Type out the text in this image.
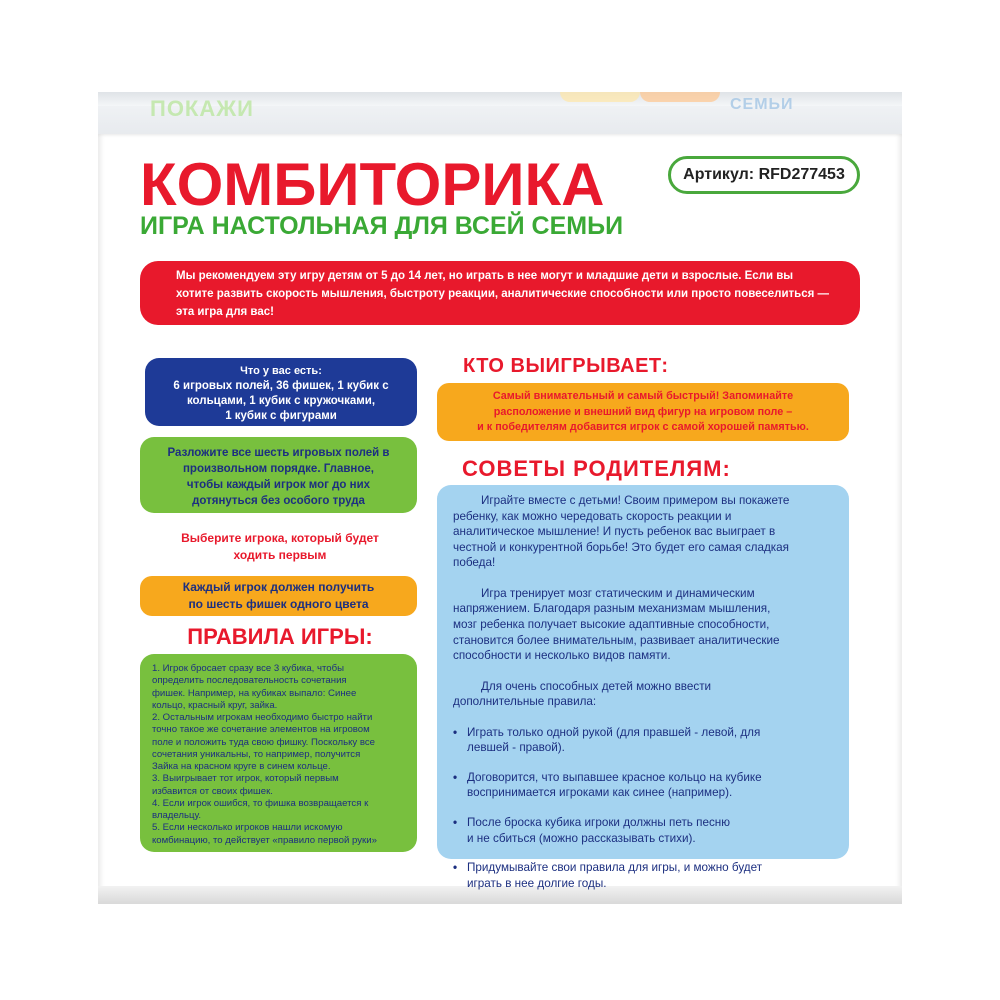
ПОКАЖИ	СЕМЬИ
КОМБИТОРИКА
ИГРА НАСТОЛЬНАЯ ДЛЯ ВСЕЙ СЕМЬИ
Артикул: RFD277453
Мы рекомендуем эту игру детям от 5 до 14 лет, но играть в нее могут и младшие дети и взрослые. Если вы
хотите развить скорость мышления, быстроту реакции, аналитические способности или просто повеселиться —
эта игра для вас!
Что у вас есть:
6 игровых полей, 36 фишек, 1 кубик с
кольцами, 1 кубик с кружочками,
1 кубик с фигурами
Разложите все шесть игровых полей в
произвольном порядке. Главное,
чтобы каждый игрок мог до них
дотянуться без особого труда
Выберите игрока, который будет
ходить первым
Каждый игрок должен получить
по шесть фишек одного цвета
ПРАВИЛА ИГРЫ:
1. Игрок бросает сразу все 3 кубика, чтобы
определить последовательность сочетания
фишек. Например, на кубиках выпало: Синее
кольцо, красный круг, зайка.
2. Остальным игрокам необходимо быстро найти
точно такое же сочетание элементов на игровом
поле и положить туда свою фишку. Поскольку все
сочетания уникальны, то например, получится
Зайка на красном круге в синем кольце.
3. Выигрывает тот игрок, который первым
избавится от своих фишек.
4. Если игрок ошибся, то фишка возвращается к
владельцу.
5. Если несколько игроков нашли искомую
комбинацию, то действует «правило первой руки»
КТО ВЫИГРЫВАЕТ:
Самый внимательный и самый быстрый! Запоминайте
расположение и внешний вид фигур на игровом поле –
и к победителям добавится игрок с самой хорошей памятью.
СОВЕТЫ РОДИТЕЛЯМ:

Играйте вместе с детьми! Своим примером вы покажете
ребенку, как можно чередовать скорость реакции и
аналитическое мышление! И пусть ребенок вас выиграет в
честной и конкурентной борьбе! Это будет его самая сладкая
победа!

Игра тренирует мозг статическим и динамическим
напряжением. Благодаря разным механизмам мышления,
мозг ребенка получает высокие адаптивные способности,
становится более внимательным, развивает аналитические
способности и несколько видов памяти.

Для очень способных детей можно ввести
дополнительные правила:

• Играть только одной рукой (для правшей - левой, для
левшей - правой).
• Договорится, что выпавшее красное кольцо на кубике
воспринимается игроками как синее (например).
• После броска кубика игроки должны петь песню
и не сбиться (можно рассказывать стихи).
• Придумывайте свои правила для игры, и можно будет
играть в нее долгие годы.
